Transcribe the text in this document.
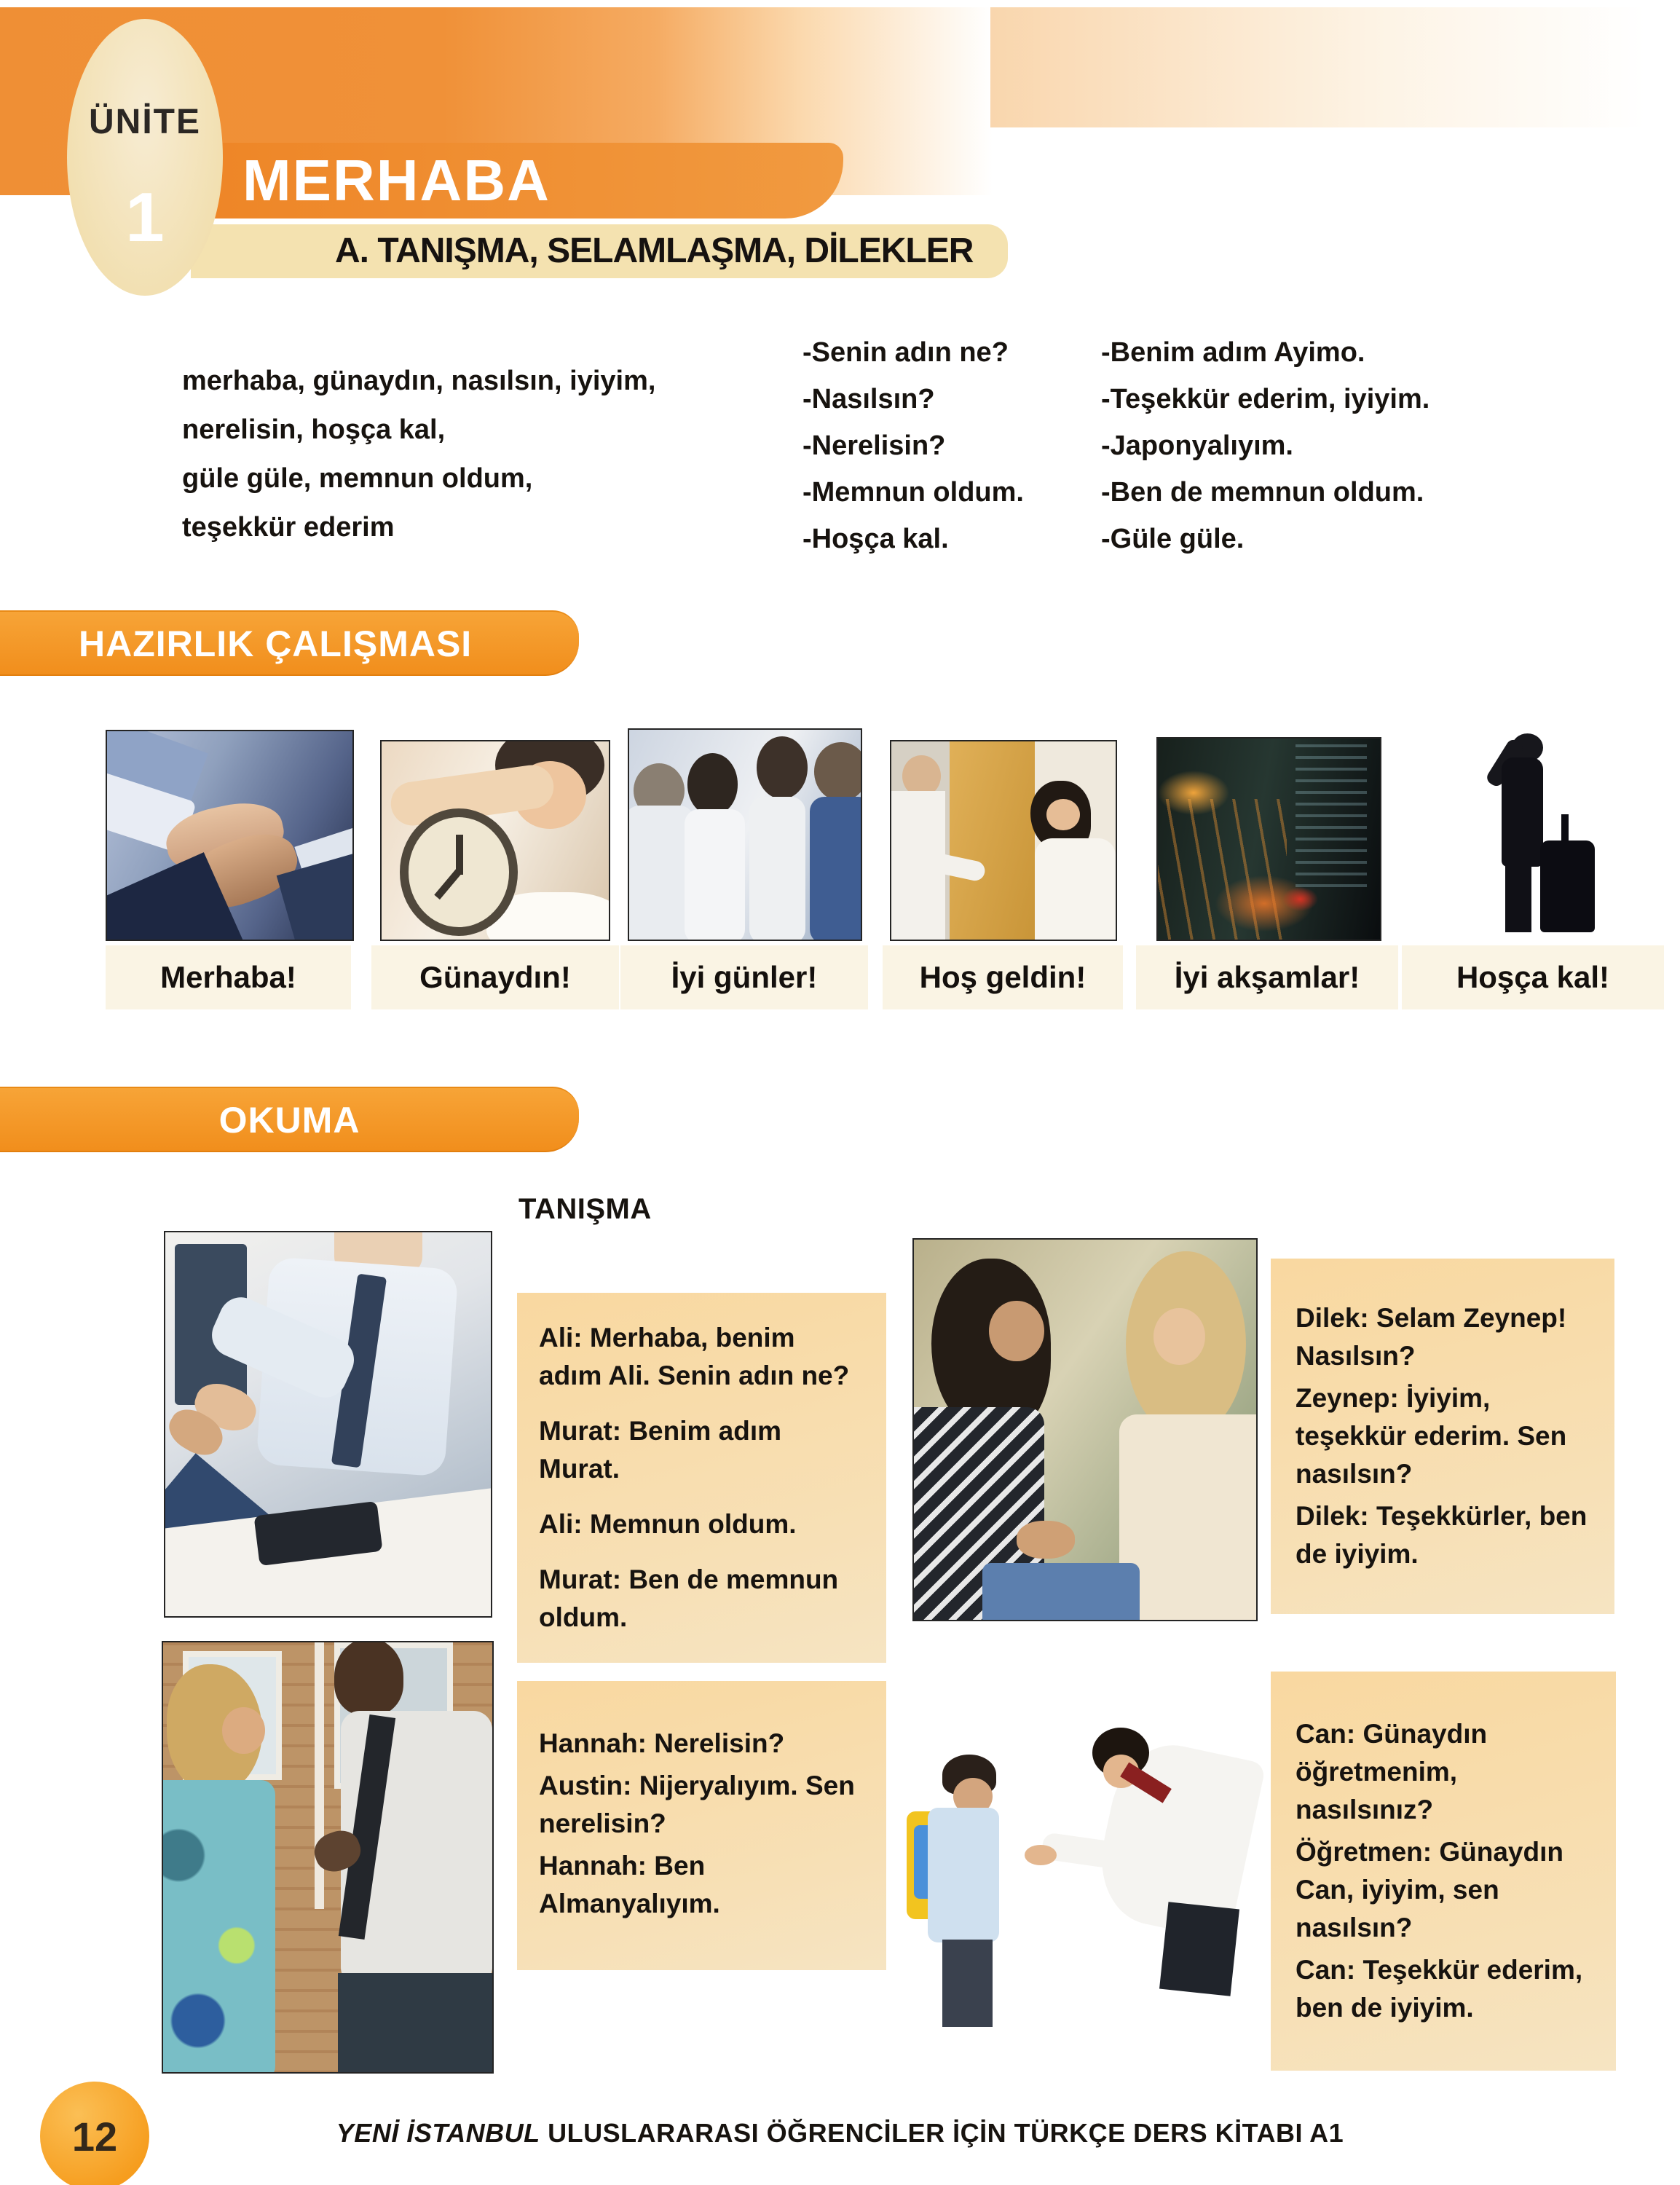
MERHABA
A. TANIŞMA, SELAMLAŞMA, DİLEKLER
ÜNİTE
1

merhaba, günaydın, nasılsın, iyiyim,

nerelisin, hoşça kal,

güle güle, memnun oldum,

teşekkür ederim

-Senin adın ne?

-Nasılsın?

-Nerelisin?

-Memnun oldum.

-Hoşça kal.

-Benim adım Ayimo.

-Teşekkür ederim, iyiyim.

-Japonyalıyım.

-Ben de memnun oldum.

-Güle güle.

HAZIRLIK ÇALIŞMASI
Merhaba!	Günaydın!	İyi günler!	Hoş geldin!	İyi akşamlar!	Hoşça kal!
OKUMA
TANIŞMA

Ali: Merhaba, benim adım Ali. Senin adın ne?

Murat: Benim adım Murat.

Ali: Memnun oldum.

Murat: Ben de memnun oldum.

Dilek: Selam Zeynep! Nasılsın?

Zeynep: İyiyim, teşekkür ederim. Sen nasılsın?

Dilek: Teşekkürler, ben de iyiyim.

Hannah: Nerelisin?

Austin: Nijeryalıyım. Sen nerelisin?

Hannah: Ben Almanyalıyım.

Can: Günaydın öğretmenim, nasılsınız?

Öğretmen: Günaydın Can, iyiyim, sen nasılsın?

Can: Teşekkür ederim, ben de iyiyim.

12	YENİ İSTANBUL ULUSLARARASI ÖĞRENCİLER İÇİN TÜRKÇE DERS KİTABI A1
